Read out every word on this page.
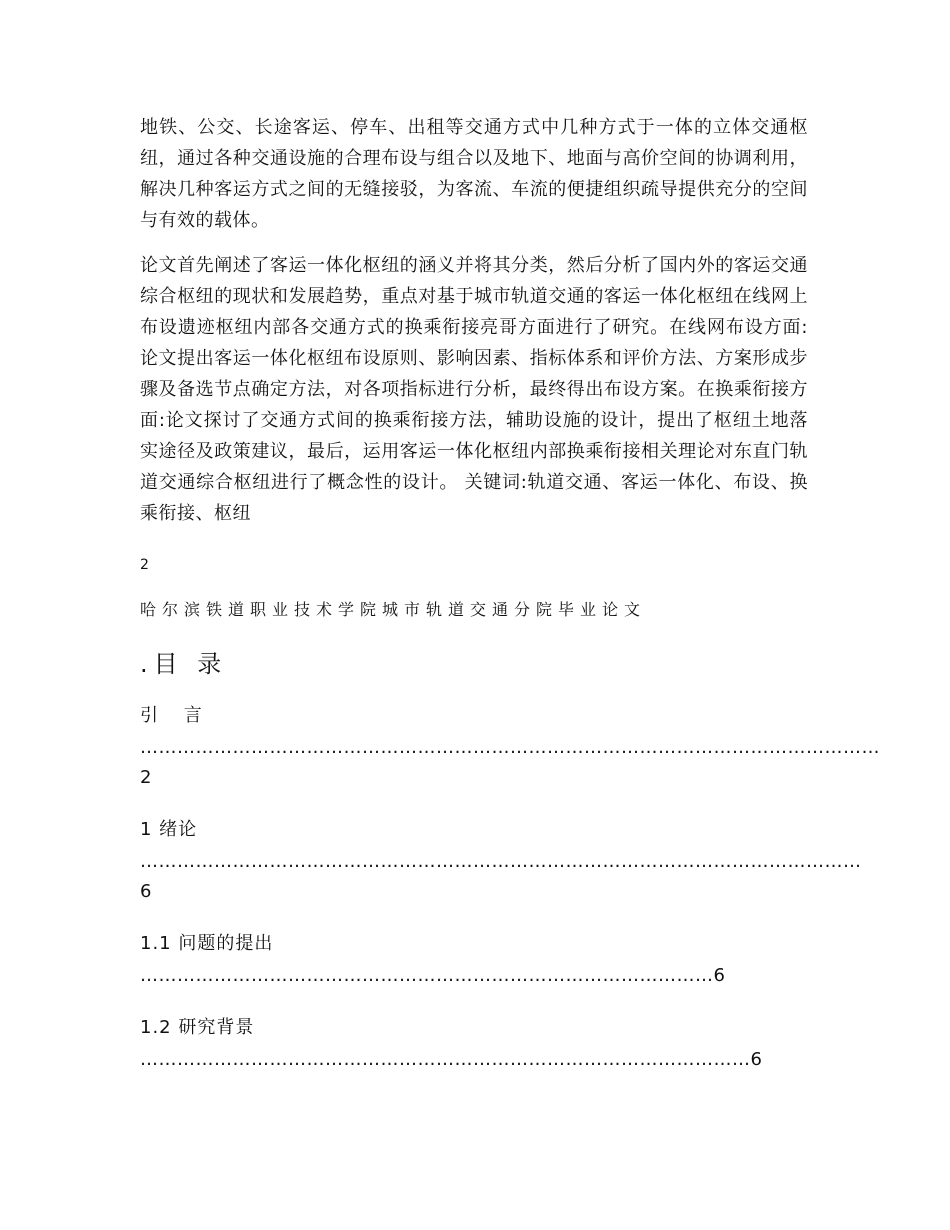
地铁、公交、长途客运、停车、出租等交通方式中几种方式于一体的立体交通枢纽，通过各种交通设施的合理布设与组合以及地下、地面与高价空间的协调利用，解决几种客运方式之间的无缝接驳，为客流、车流的便捷组织疏导提供充分的空间与有效的载体。

论文首先阐述了客运一体化枢纽的涵义并将其分类，然后分析了国内外的客运交通综合枢纽的现状和发展趋势，重点对基于城市轨道交通的客运一体化枢纽在线网上布设遗迹枢纽内部各交通方式的换乘衔接亮哥方面进行了研究。在线网布设方面:论文提出客运一体化枢纽布设原则、影响因素、指标体系和评价方法、方案形成步骤及备选节点确定方法，对各项指标进行分析，最终得出布设方案。在换乘衔接方面:论文探讨了交通方式间的换乘衔接方法，辅助设施的设计，提出了枢纽土地落实途径及政策建议，最后，运用客运一体化枢纽内部换乘衔接相关理论对东直门轨道交通综合枢纽进行了概念性的设计。 关键词:轨道交通、客运一体化、布设、换乘衔接、枢纽

2
哈尔滨铁道职业技术学院城市轨道交通分院毕业论文
.目 录
引 言
…………………………………………………………………………………………………………2
1 绪论
………………………………………………………………………………………………………6
1.1 问题的提出
…………………………………………………………………………………6
1.2 研究背景
………………………………………………………………………………………6
